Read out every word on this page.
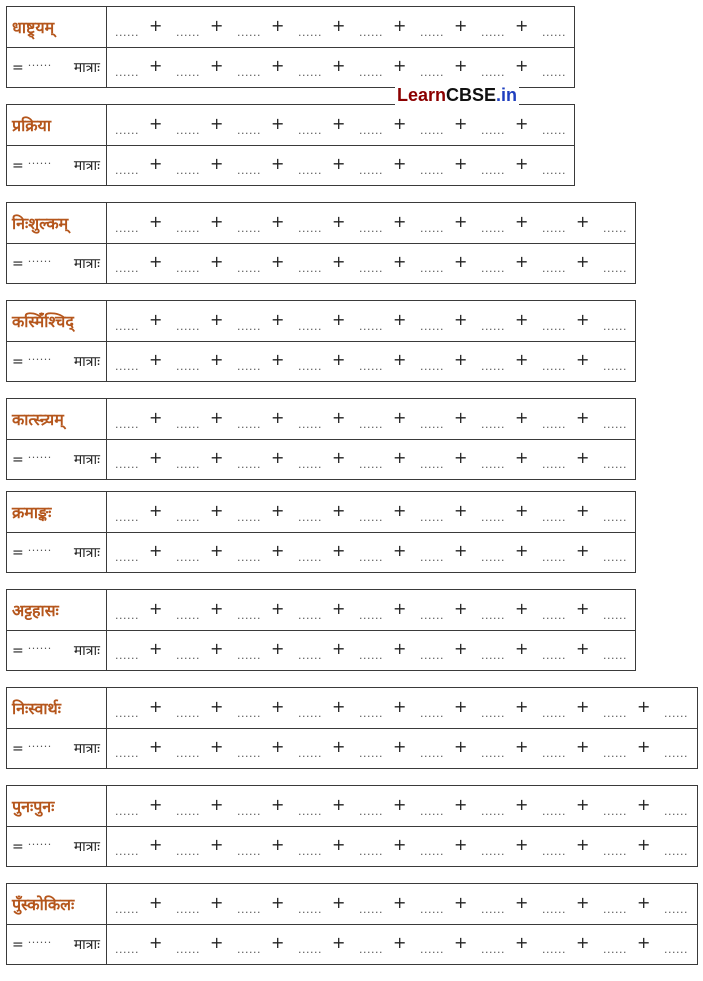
धाष्ट्र्यम्	...... +	...... +	...... +	...... +	...... +	...... +	...... +	......
= ...... मात्राः ...... +	...... +	...... +	...... +	...... +	...... +	...... +	......
प्रक्रिया	...... +	...... +	...... +	...... +	...... +	...... +	...... +	......
= ...... मात्राः ...... +	...... +	...... +	...... +	...... +	...... +	...... +	......
निःशुल्कम्	...... +	...... +	...... +	...... +	...... +	...... +	...... +	...... +	......
= ...... मात्राः ...... +	...... +	...... +	...... +	...... +	...... +	...... +	...... +	......
कस्मिँश्चिद्	...... +	...... +	...... +	...... +	...... +	...... +	...... +	...... +	......
= ...... मात्राः ...... +	...... +	...... +	...... +	...... +	...... +	...... +	...... +	......
कात्स्न्र्यम्	...... +	...... +	...... +	...... +	...... +	...... +	...... +	...... +	......
= ...... मात्राः ...... +	...... +	...... +	...... +	...... +	...... +	...... +	...... +	......
क्रमाङ्कः	...... +	...... +	...... +	...... +	...... +	...... +	...... +	...... +	......
= ...... मात्राः ...... +	...... +	...... +	...... +	...... +	...... +	...... +	...... +	......
अट्टहासः	...... +	...... +	...... +	...... +	...... +	...... +	...... +	...... +	......
= ...... मात्राः ...... +	...... +	...... +	...... +	...... +	...... +	...... +	...... +	......
निःस्वार्थः	...... +	...... +	...... +	...... +	...... +	...... +	...... +	...... +	...... +	......
= ...... मात्राः ...... +	...... +	...... +	...... +	...... +	...... +	...... +	...... +	...... +	......
पुनःपुनः	...... +	...... +	...... +	...... +	...... +	...... +	...... +	...... +	...... +	......
= ...... मात्राः ...... +	...... +	...... +	...... +	...... +	...... +	...... +	...... +	...... +	......
पुँस्कोकिलः	...... +	...... +	...... +	...... +	...... +	...... +	...... +	...... +	...... +	......
= ...... मात्राः ...... +	...... +	...... +	...... +	...... +	...... +	...... +	...... +	...... +	......
LearnCBSE.in
